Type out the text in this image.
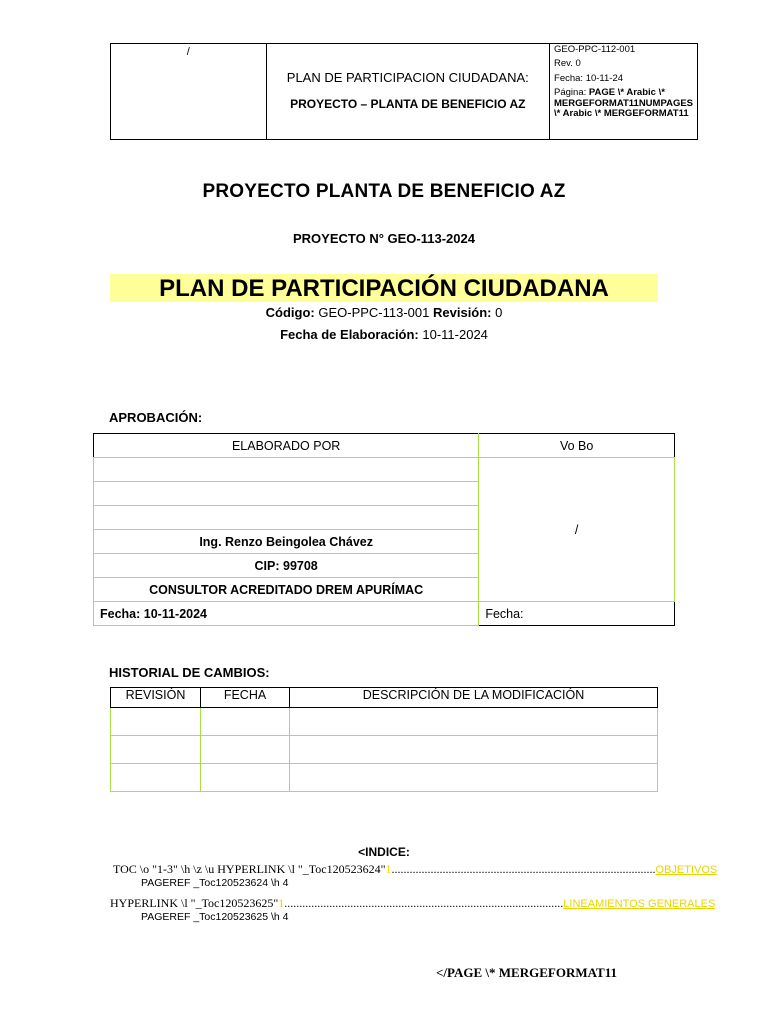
/	
PLAN DE PARTICIPACION CIUDADANA:
PROYECTO – PLANTA DE BENEFICIO AZ

GEO-PPC-112-001
Rev. 0
Fecha: 10-11-24
Página: PAGE \* Arabic \* MERGEFORMAT11NUMPAGES \* Arabic \* MERGEFORMAT11
PROYECTO PLANTA DE BENEFICIO AZ
PROYECTO N° GEO-113-2024
PLAN DE PARTICIPACIÓN CIUDADANA
Código: GEO-PPC-113-001 Revisión: 0
Fecha de Elaboración: 10-11-2024
APROBACIÓN:
ELABORADO POR	Vo Bo
	/

Ing. Renzo Beingolea Chávez	
CIP: 99708	
CONSULTOR ACREDITADO DREM APURÍMAC	
Fecha: 10-11-2024	Fecha:
HISTORIAL DE CAMBIOS:
REVISIÓN	FECHA	DESCRIPCIÓN DE LA MODIFICACIÓN

<INDICE:
TOC \o "1-3" \h \z \u HYPERLINK \l "_Toc120523624"1........................................................................................OBJETIVOS
PAGEREF _Toc120523624 \h 4
HYPERLINK \l "_Toc120523625"1.............................................................................................LINEAMIENTOS GENERALES
PAGEREF _Toc120523625 \h 4
</PAGE \* MERGEFORMAT11
